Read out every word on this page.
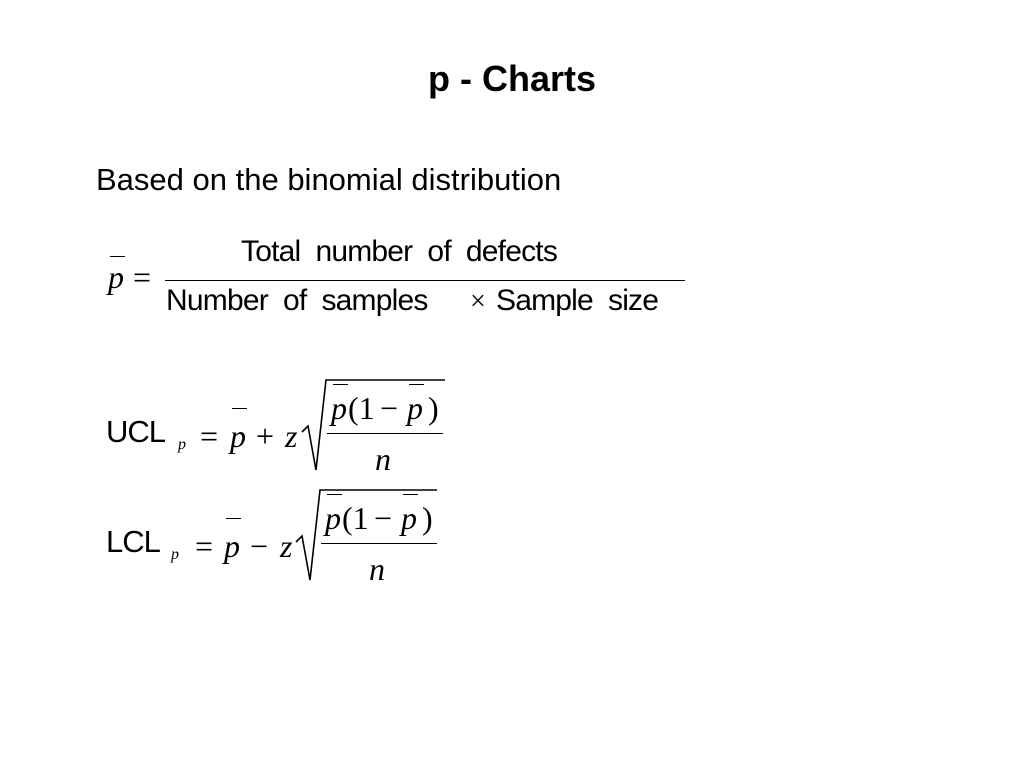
p - Charts
Based on the binomial distribution
p =
Total  number  of  defects
Number  of  samples × Sample  size
UCL p = p + z
p (1 − p )
n
LCL p = p − z
p (1 − p )
n
